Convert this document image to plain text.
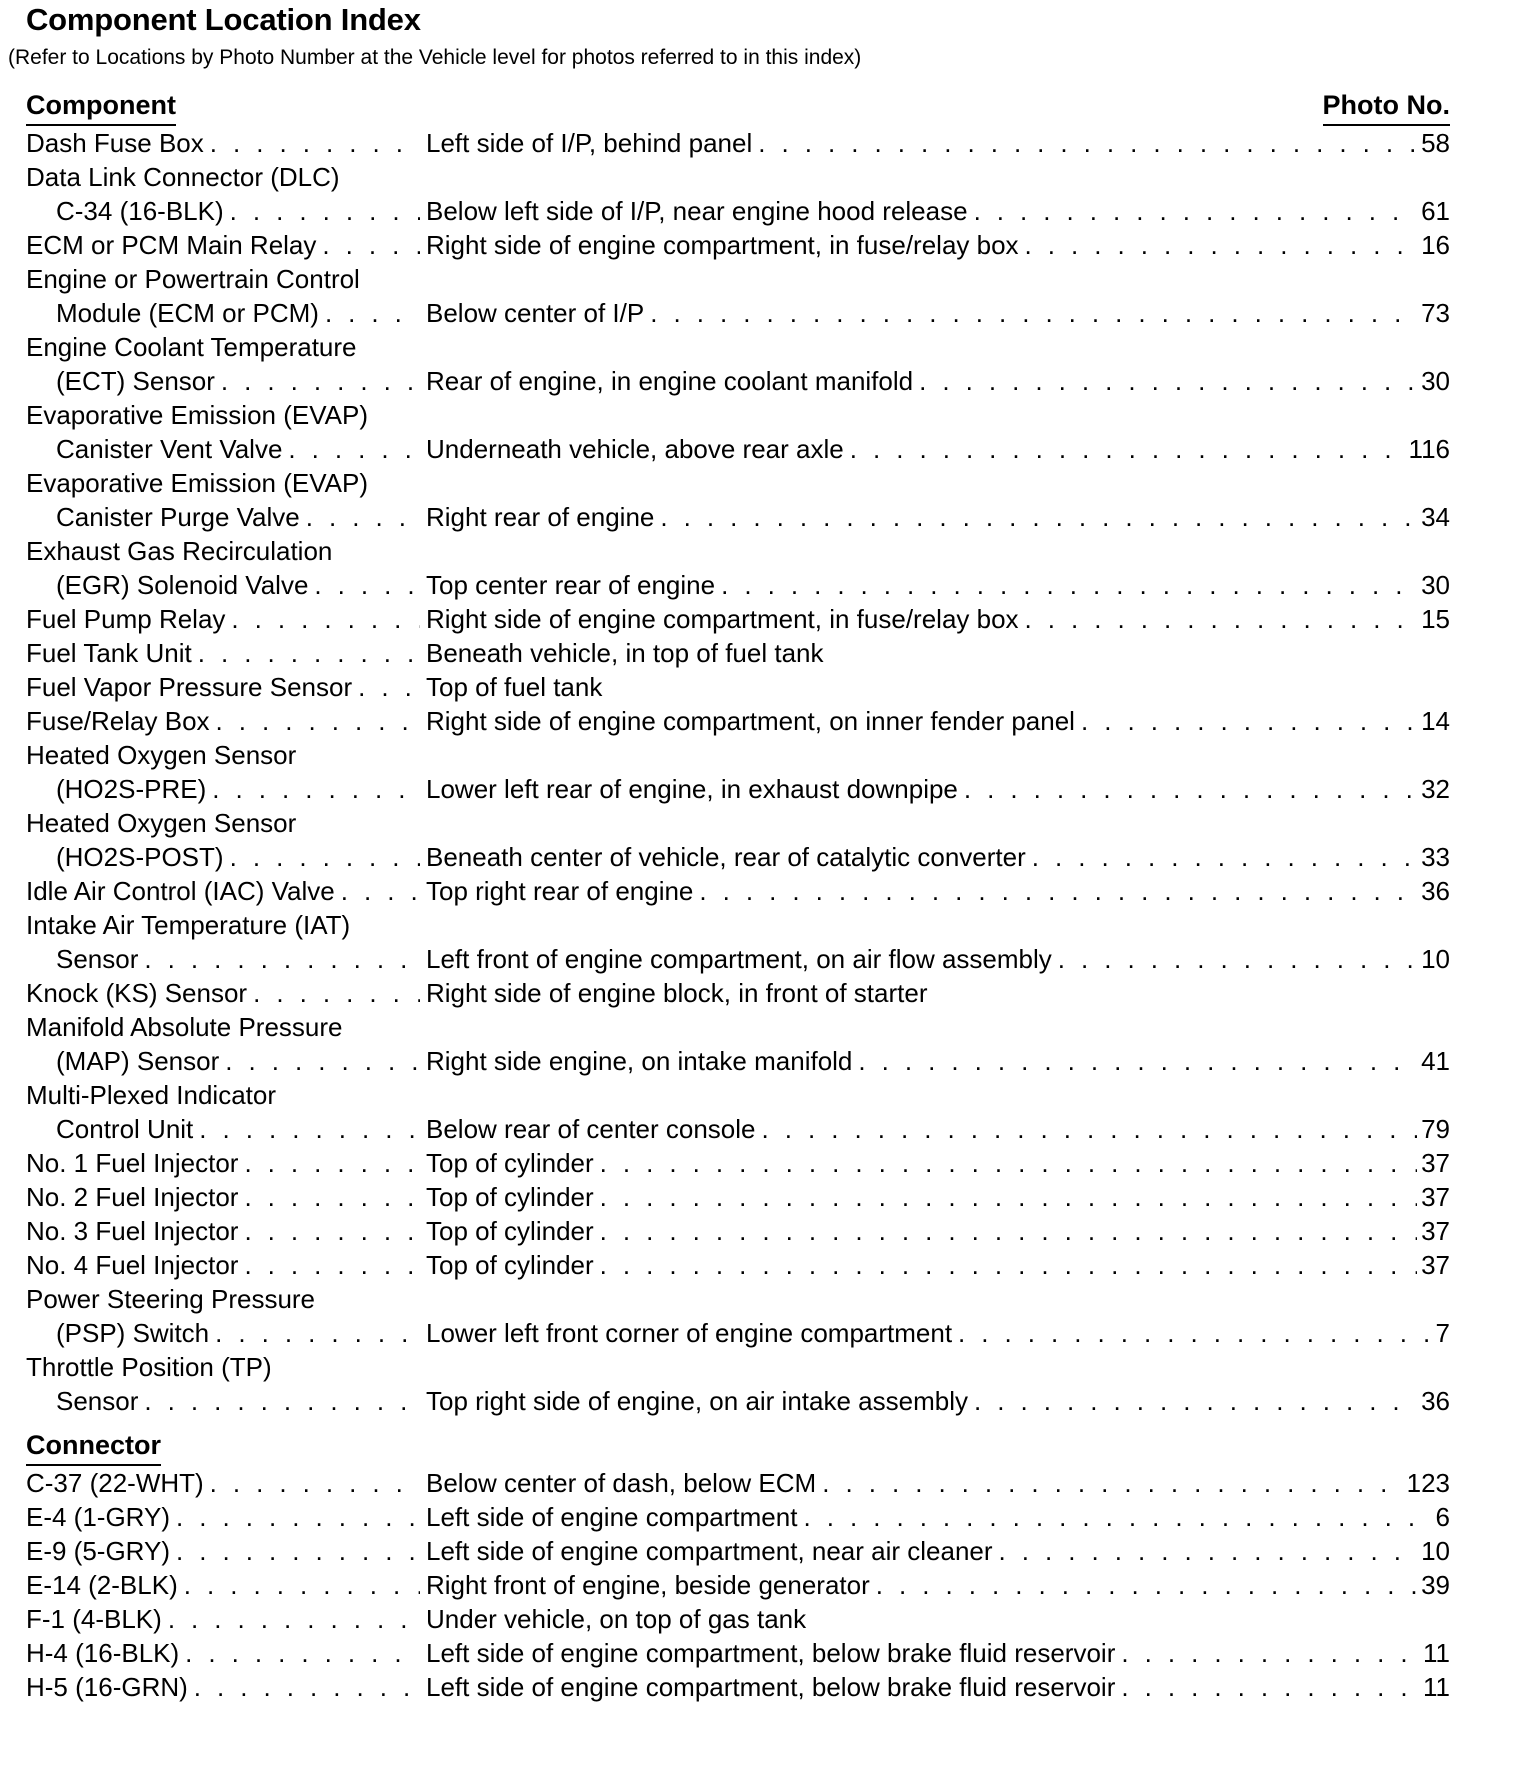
Component Location Index
(Refer to Locations by Photo Number at the Vehicle level for photos referred to in this index)
Component	Photo No.
Dash Fuse Box . . .	Left side of I/P, behind panel . . .	58
Data Link Connector (DLC)
C-34 (16-BLK) . . .	Below left side of I/P, near engine hood release . . .	61
ECM or PCM Main Relay . . .	Right side of engine compartment, in fuse/relay box . . .	16
Engine or Powertrain Control
Module (ECM or PCM) . . .	Below center of I/P . . .	73
Engine Coolant Temperature
(ECT) Sensor . . .	Rear of engine, in engine coolant manifold . . .	30
Evaporative Emission (EVAP)
Canister Vent Valve . . .	Underneath vehicle, above rear axle . . .	116
Evaporative Emission (EVAP)
Canister Purge Valve . . .	Right rear of engine . . .	34
Exhaust Gas Recirculation
(EGR) Solenoid Valve . . .	Top center rear of engine . . .	30
Fuel Pump Relay . . .	Right side of engine compartment, in fuse/relay box . . .	15
Fuel Tank Unit . . .	Beneath vehicle, in top of fuel tank
Fuel Vapor Pressure Sensor . . .	Top of fuel tank
Fuse/Relay Box . . .	Right side of engine compartment, on inner fender panel . . .	14
Heated Oxygen Sensor
(HO2S-PRE) . . .	Lower left rear of engine, in exhaust downpipe . . .	32
Heated Oxygen Sensor
(HO2S-POST) . . .	Beneath center of vehicle, rear of catalytic converter . . .	33
Idle Air Control (IAC) Valve . . .	Top right rear of engine . . .	36
Intake Air Temperature (IAT)
Sensor . . .	Left front of engine compartment, on air flow assembly . . .	10
Knock (KS) Sensor . . .	Right side of engine block, in front of starter
Manifold Absolute Pressure
(MAP) Sensor . . .	Right side engine, on intake manifold . . .	41
Multi-Plexed Indicator
Control Unit . . .	Below rear of center console . . .	79
No. 1 Fuel Injector . . .	Top of cylinder . . .	37
No. 2 Fuel Injector . . .	Top of cylinder . . .	37
No. 3 Fuel Injector . . .	Top of cylinder . . .	37
No. 4 Fuel Injector . . .	Top of cylinder . . .	37
Power Steering Pressure
(PSP) Switch . . .	Lower left front corner of engine compartment . . .	7
Throttle Position (TP)
Sensor . . .	Top right side of engine, on air intake assembly . . .	36
Connector
C-37 (22-WHT) . . .	Below center of dash, below ECM . . .	123
E-4 (1-GRY) . . .	Left side of engine compartment . . .	6
E-9 (5-GRY) . . .	Left side of engine compartment, near air cleaner . . .	10
E-14 (2-BLK) . . .	Right front of engine, beside generator . . .	39
F-1 (4-BLK) . . .	Under vehicle, on top of gas tank
H-4 (16-BLK) . . .	Left side of engine compartment, below brake fluid reservoir . . .	11
H-5 (16-GRN) . . .	Left side of engine compartment, below brake fluid reservoir . . .	11
